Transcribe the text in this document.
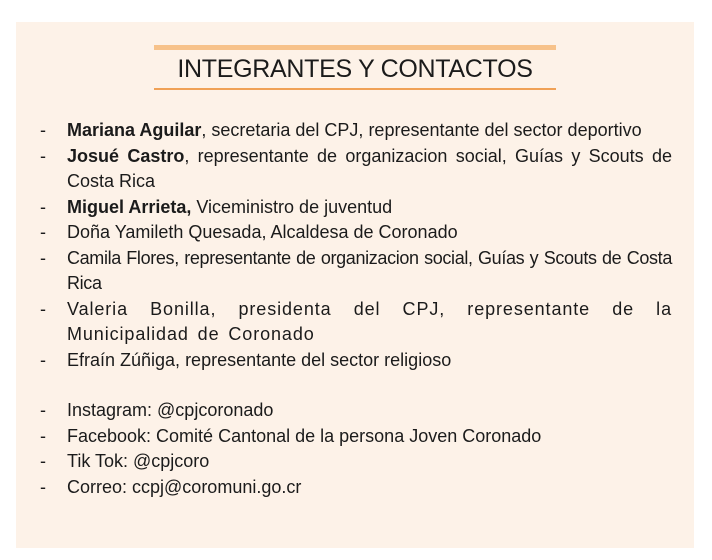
INTEGRANTES Y CONTACTOS
-	Mariana Aguilar, secretaria del CPJ, representante del sector deportivo
-	Josué Castro, representante de organizacion social, Guías y Scouts de Costa Rica
-	Miguel Arrieta, Viceministro de juventud
-	Doña Yamileth Quesada, Alcaldesa de Coronado
-	Camila Flores, representante de organizacion social, Guías y Scouts de Costa Rica
-	Valeria Bonilla, presidenta del CPJ, representante de la Municipalidad de Coronado
-	Efraín Zúñiga, representante del sector religioso
-	Instagram: @cpjcoronado
-	Facebook: Comité Cantonal de la persona Joven Coronado
-	Tik Tok: @cpjcoro
-	Correo: ccpj@coromuni.go.cr
